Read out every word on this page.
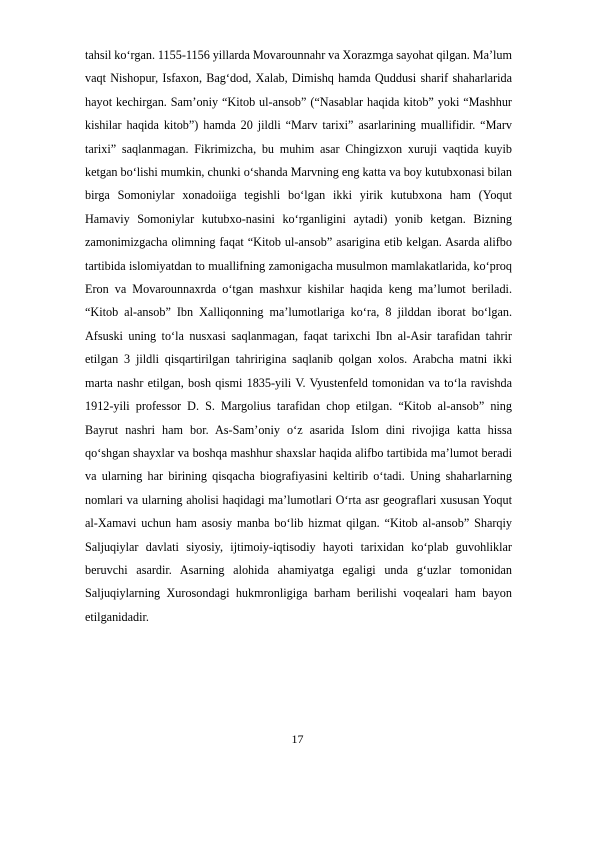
tahsil ko‘rgan. 1155-1156 yillarda Movarounnahr va Xorazmga sayohat qilgan. Ma’lum vaqt Nishopur, Isfaxon, Bag‘dod, Xalab, Dimishq hamda Quddusi sharif shaharlarida hayot kechirgan. Sam’oniy “Kitob ul-ansob” (“Nasablar haqida kitob” yoki “Mashhur kishilar haqida kitob”) hamda 20 jildli “Marv tarixi” asarlarining muallifidir. “Marv tarixi” saqlanmagan. Fikrimizcha, bu muhim asar Chingizxon xuruji vaqtida kuyib ketgan bo‘lishi mumkin, chunki o‘shanda Marvning eng katta va boy kutubxonasi bilan birga Somoniylar xonadoiiga tegishli bo‘lgan ikki yirik kutubxona ham (Yoqut Hamaviy Somoniylar kutubxo-nasini ko‘rganligini aytadi) yonib ketgan. Bizning zamonimizgacha olimning faqat “Kitob ul-ansob” asarigina etib kelgan. Asarda alifbo tartibida islomiyatdan to muallifning zamonigacha musulmon mamlakatlarida, ko‘proq Eron va Movarounnaxrda o‘tgan mashxur kishilar haqida keng ma’lumot beriladi. “Kitob al-ansob” Ibn Xalliqonning ma’lumotlariga ko‘ra, 8 jilddan iborat bo‘lgan. Afsuski uning to‘la nusxasi saqlanmagan, faqat tarixchi Ibn al-Asir tarafidan tahrir etilgan 3 jildli qisqartirilgan tahririgina saqlanib qolgan xolos. Arabcha matni ikki marta nashr etilgan, bosh qismi 1835-yili V. Vyustenfeld tomonidan va to‘la ravishda 1912-yili professor D. S. Margolius tarafidan chop etilgan. “Kitob al-ansob” ning Bayrut nashri ham bor. As-Sam’oniy o‘z asarida Islom dini rivojiga katta hissa qo‘shgan shayxlar va boshqa mashhur shaxslar haqida alifbo tartibida ma’lumot beradi va ularning har birining qisqacha biografiyasini keltirib o‘tadi. Uning shaharlarning nomlari va ularning aholisi haqidagi ma’lumotlari O‘rta asr geograflari xususan Yoqut al-Xamavi uchun ham asosiy manba bo‘lib hizmat qilgan. “Kitob al-ansob” Sharqiy Saljuqiylar davlati siyosiy, ijtimoiy-iqtisodiy hayoti tarixidan ko‘plab guvohliklar beruvchi asardir. Asarning alohida ahamiyatga egaligi unda g‘uzlar tomonidan Saljuqiylarning Xurosondagi hukmronligiga barham berilishi voqealari ham bayon etilganidadir.

17
